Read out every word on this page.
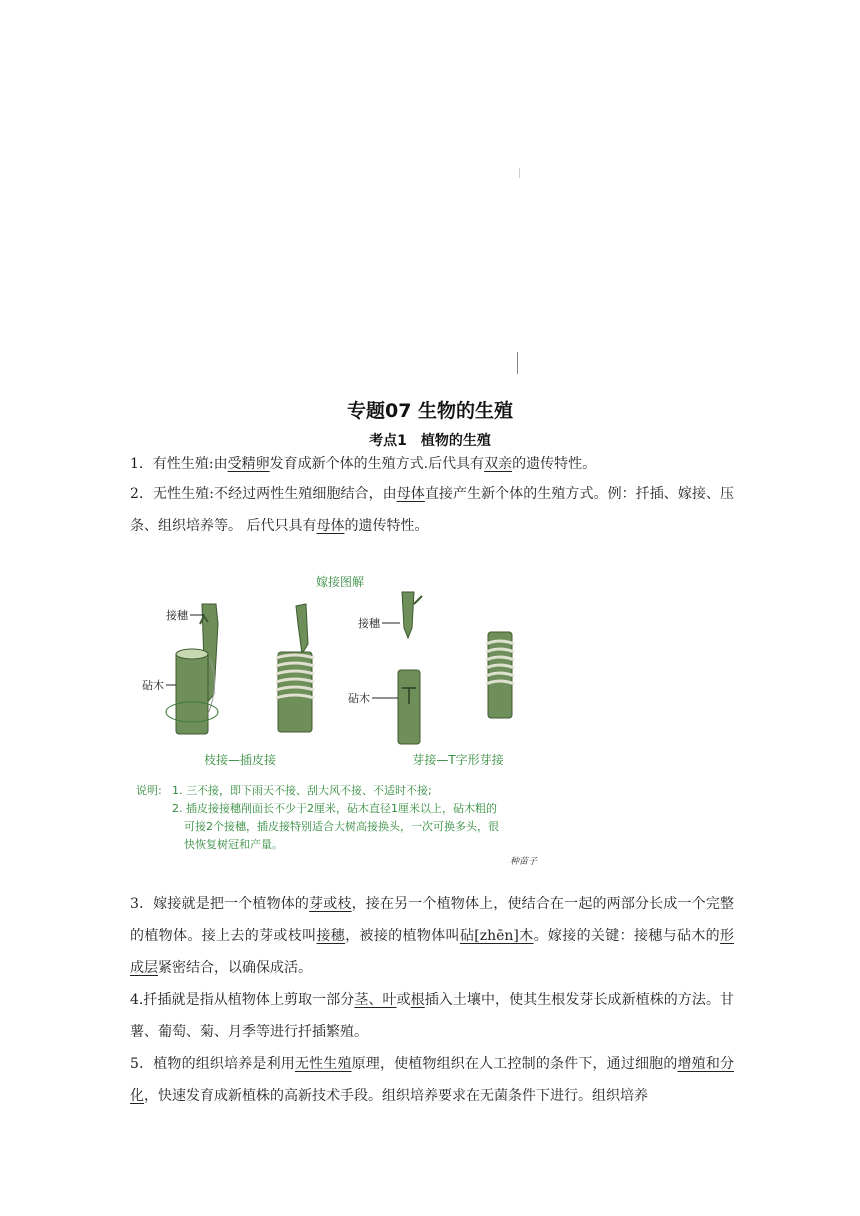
专题07 生物的生殖
考点1　植物的生殖
1．有性生殖:由受精卵发育成新个体的生殖方式.后代具有双亲的遗传特性。
2．无性生殖:不经过两性生殖细胞结合，由母体直接产生新个体的生殖方式。例：扦插、嫁接、压条、组织培养等。 后代只具有母体的遗传特性。
嫁接图解
接穗
砧木
接穗
砧木
枝接—插皮接	芽接—T字形芽接
说明: 1. 三不接，即下雨天不接、刮大风不接、不适时不接;
2. 插皮接接穗削面长不少于2厘米，砧木直径1厘米以上，砧木粗的
可接2个接穗，插皮接特别适合大树高接换头，一次可换多头，很
快恢复树冠和产量。
种苗子
3．嫁接就是把一个植物体的芽或枝，接在另一个植物体上，使结合在一起的两部分长成一个完整的植物体。接上去的芽或枝叫接穗，被接的植物体叫砧[zhēn]木。嫁接的关键：接穗与砧木的形成层紧密结合，以确保成活。
4.扦插就是指从植物体上剪取一部分茎、叶或根插入土壤中，使其生根发芽长成新植株的方法。甘薯、葡萄、菊、月季等进行扦插繁殖。
5．植物的组织培养是利用无性生殖原理，使植物组织在人工控制的条件下，通过细胞的增殖和分化，快速发育成新植株的高新技术手段。组织培养要求在无菌条件下进行。组织培养
